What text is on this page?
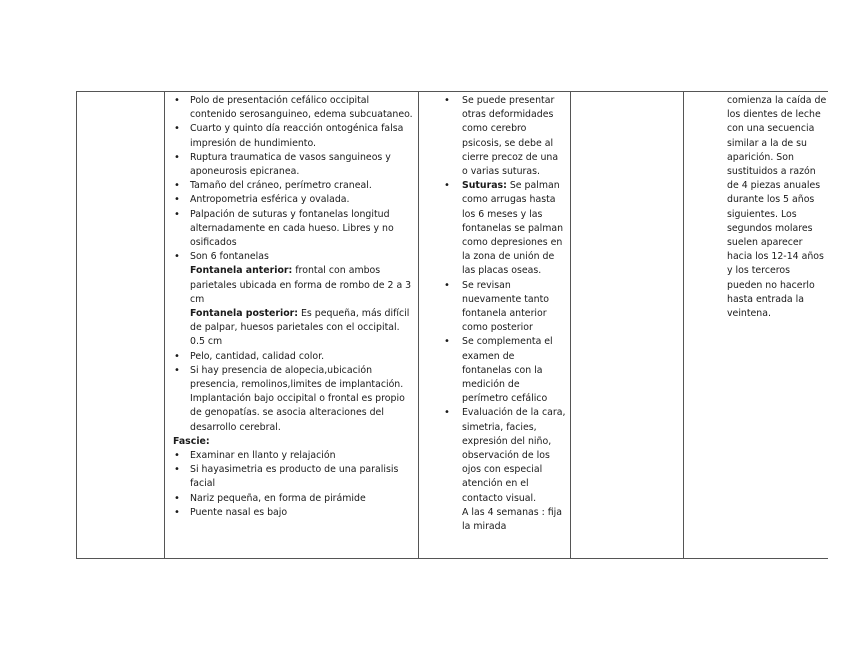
• Polo de presentación cefálico occipital contenido serosanguineo, edema subcuataneo.
• Cuarto y quinto día reacción ontogénica falsa impresión de hundimiento.
• Ruptura traumatica de vasos sanguineos y aponeurosis epicranea.
• Tamaño del cráneo, perímetro craneal.
• Antropometria esférica y ovalada.
• Palpación de suturas y fontanelas longitud alternadamente en cada hueso. Libres y no osificados
• Son 6 fontanelas
Fontanela anterior: frontal con ambos parietales ubicada en forma de rombo de 2 a 3 cm
Fontanela posterior: Es pequeña, más difícil de palpar, huesos parietales con el occipital. 0.5 cm
• Pelo, cantidad, calidad color.
• Si hay presencia de alopecia,ubicación presencia, remolinos,limites de implantación.
Implantación bajo occipital o frontal es propio de genopatías. se asocia alteraciones del desarrollo cerebral.
Fascie:
• Examinar en llanto y relajación
• Si hayasimetria es producto de una paralisis facial
• Nariz pequeña, en forma de pirámide
• Puente nasal es bajo
• Se puede presentar otras deformidades como cerebro psicosis, se debe al cierre precoz de una o varias suturas.
• Suturas: Se palman como arrugas hasta los 6 meses y las fontanelas se palman como depresiones en la zona de unión de las placas oseas.
• Se revisan nuevamente tanto fontanela anterior como posterior
• Se complementa el examen de fontanelas con la medición de perímetro cefálico
• Evaluación de la cara, simetria, facies, expresión del niño, observación de los ojos con especial atención en el contacto visual.
A las 4 semanas : fija la mirada

comienza la caída de los dientes de leche con una secuencia similar a la de su aparición. Son sustituidos a razón de 4 piezas anuales durante los 5 años siguientes. Los segundos molares suelen aparecer hacia los 12-14 años y los terceros pueden no hacerlo hasta entrada la veintena.
